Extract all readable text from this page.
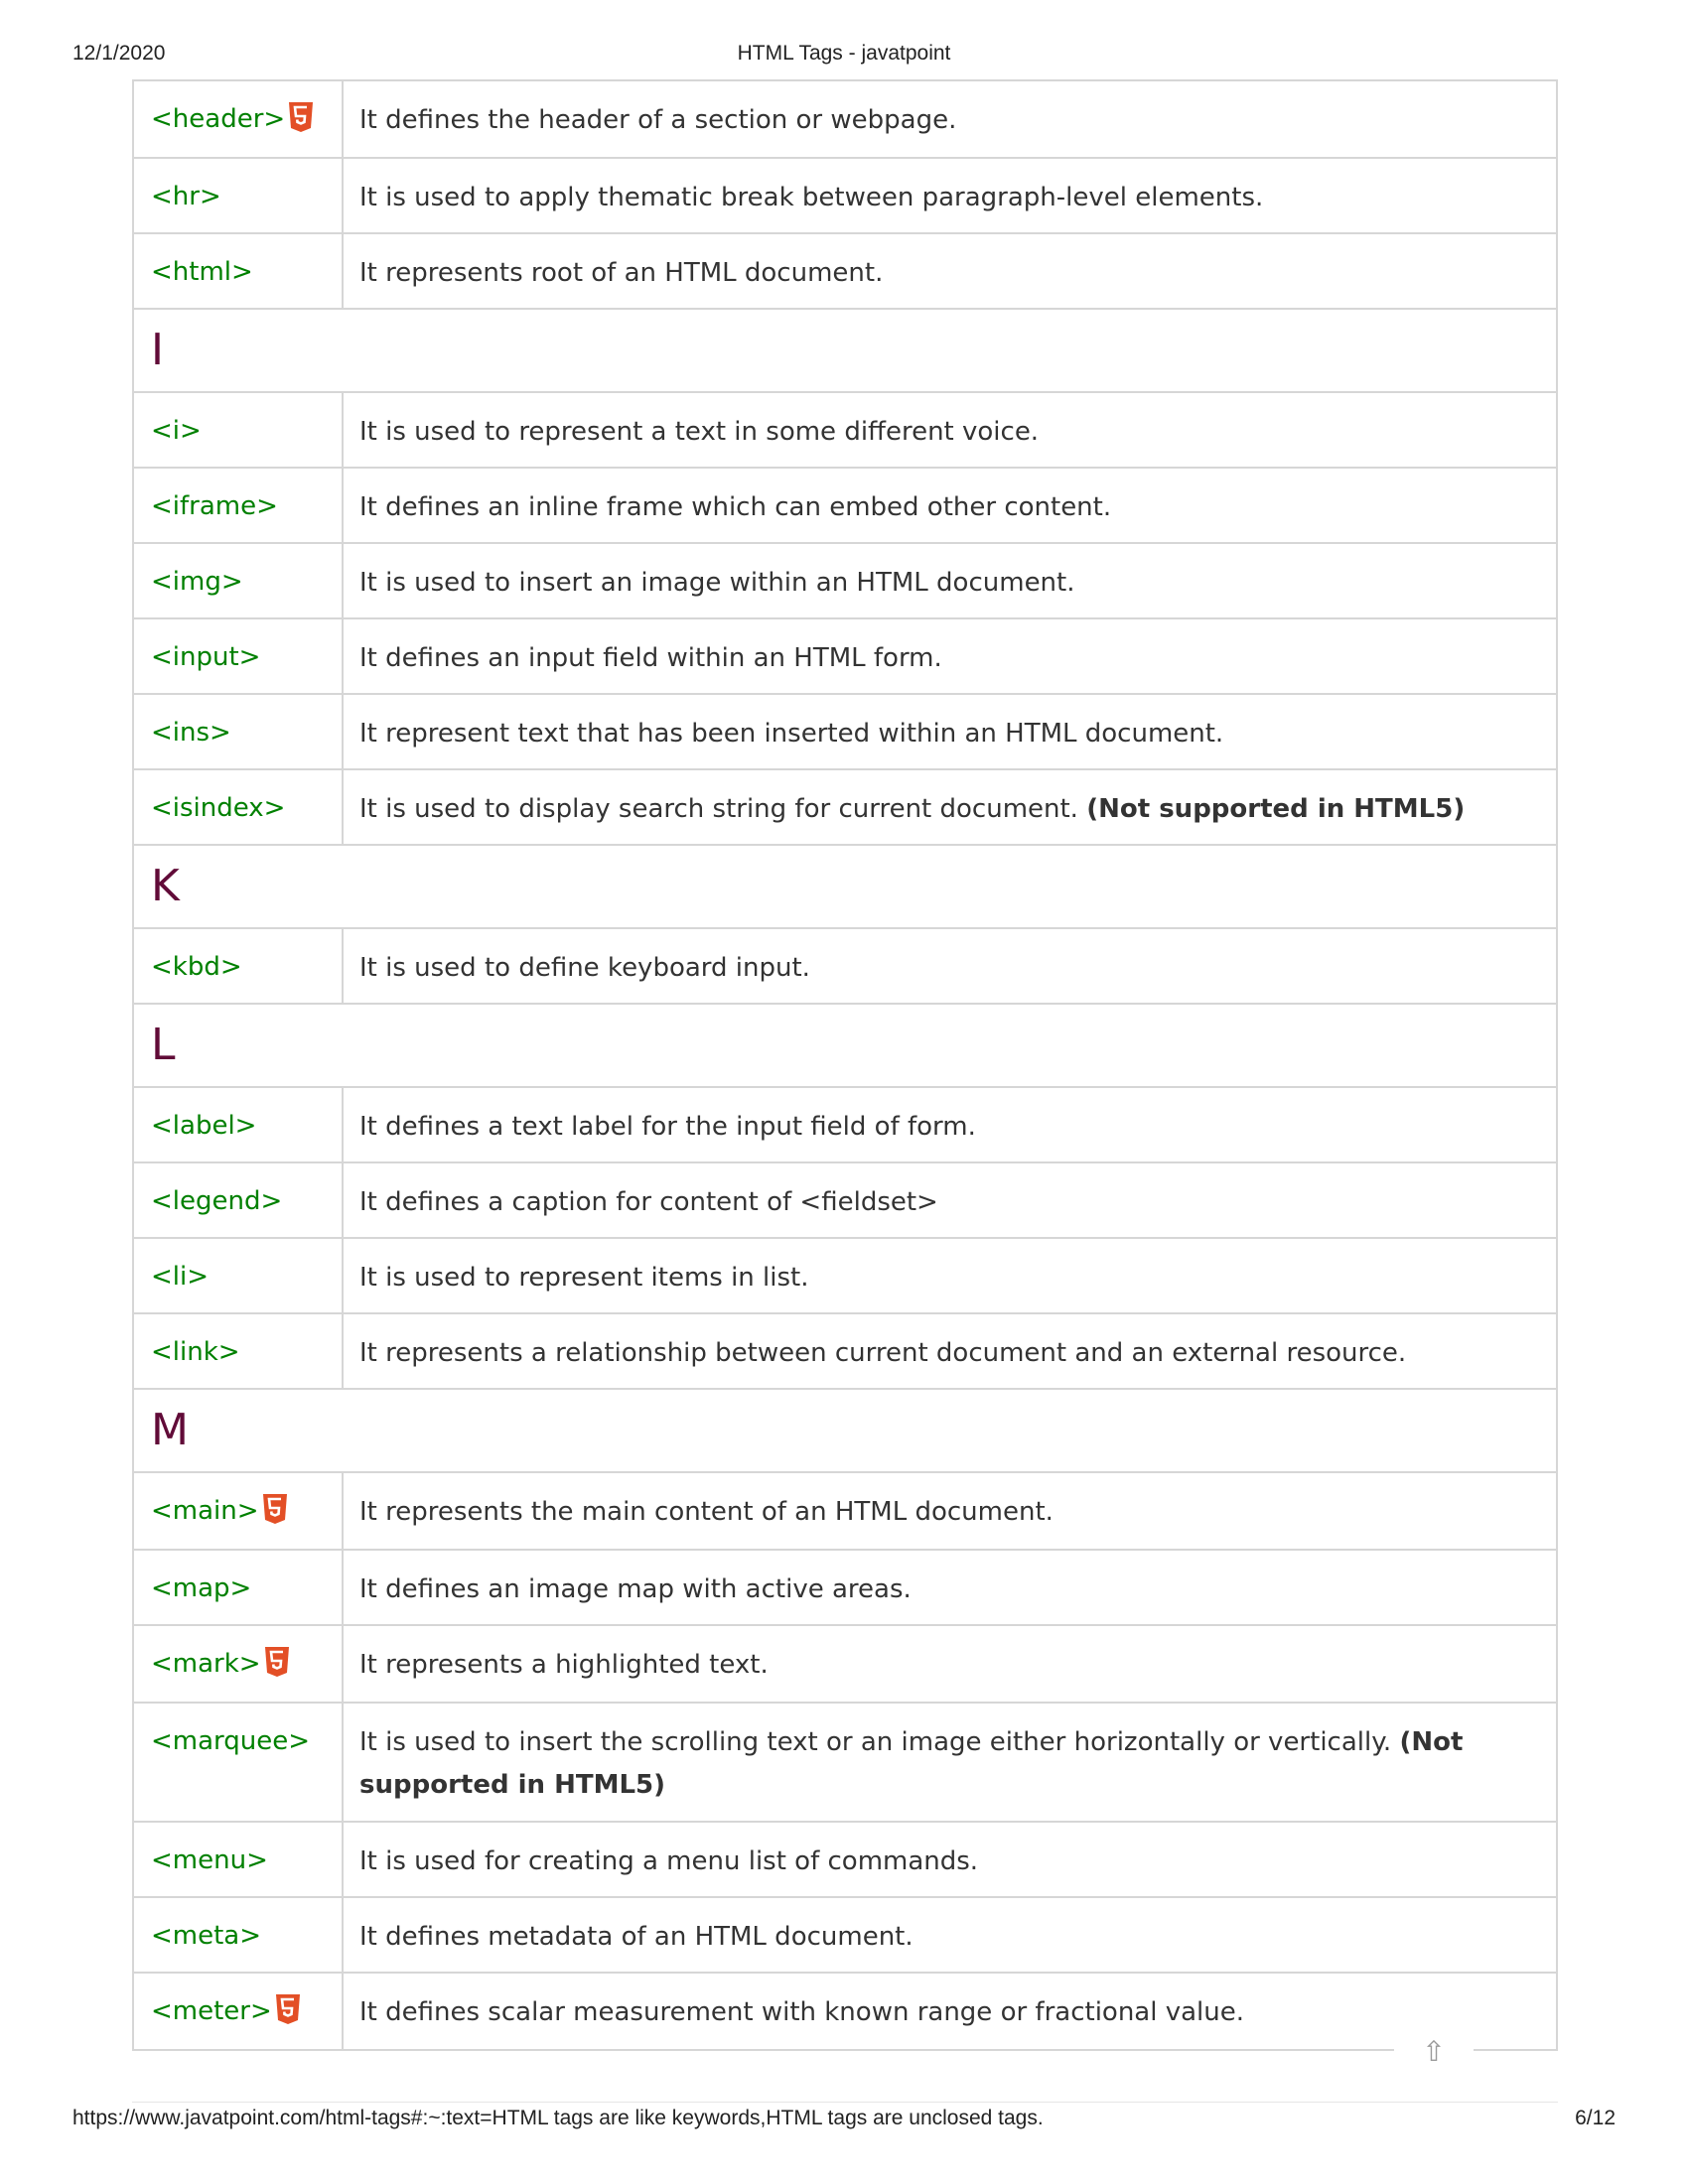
12/1/2020	HTML Tags - javatpoint
<header>	It defines the header of a section or webpage.
<hr>	It is used to apply thematic break between paragraph-level elements.
<html>	It represents root of an HTML document.
I	
<i>	It is used to represent a text in some different voice.
<iframe>	It defines an inline frame which can embed other content.
<img>	It is used to insert an image within an HTML document.
<input>	It defines an input field within an HTML form.
<ins>	It represent text that has been inserted within an HTML document.
<isindex>	It is used to display search string for current document. (Not supported in HTML5)
K	
<kbd>	It is used to define keyboard input.
L	
<label>	It defines a text label for the input field of form.
<legend>	It defines a caption for content of <fieldset>
<li>	It is used to represent items in list.
<link>	It represents a relationship between current document and an external resource.
M	
<main>	It represents the main content of an HTML document.
<map>	It defines an image map with active areas.
<mark>	It represents a highlighted text.
<marquee>	It is used to insert the scrolling text or an image either horizontally or vertically. (Not supported in HTML5)
<menu>	It is used for creating a menu list of commands.
<meta>	It defines metadata of an HTML document.
<meter>	It defines scalar measurement with known range or fractional value.
⇧
https://www.javatpoint.com/html-tags#:~:text=HTML tags are like keywords,HTML tags are unclosed tags.	6/12
